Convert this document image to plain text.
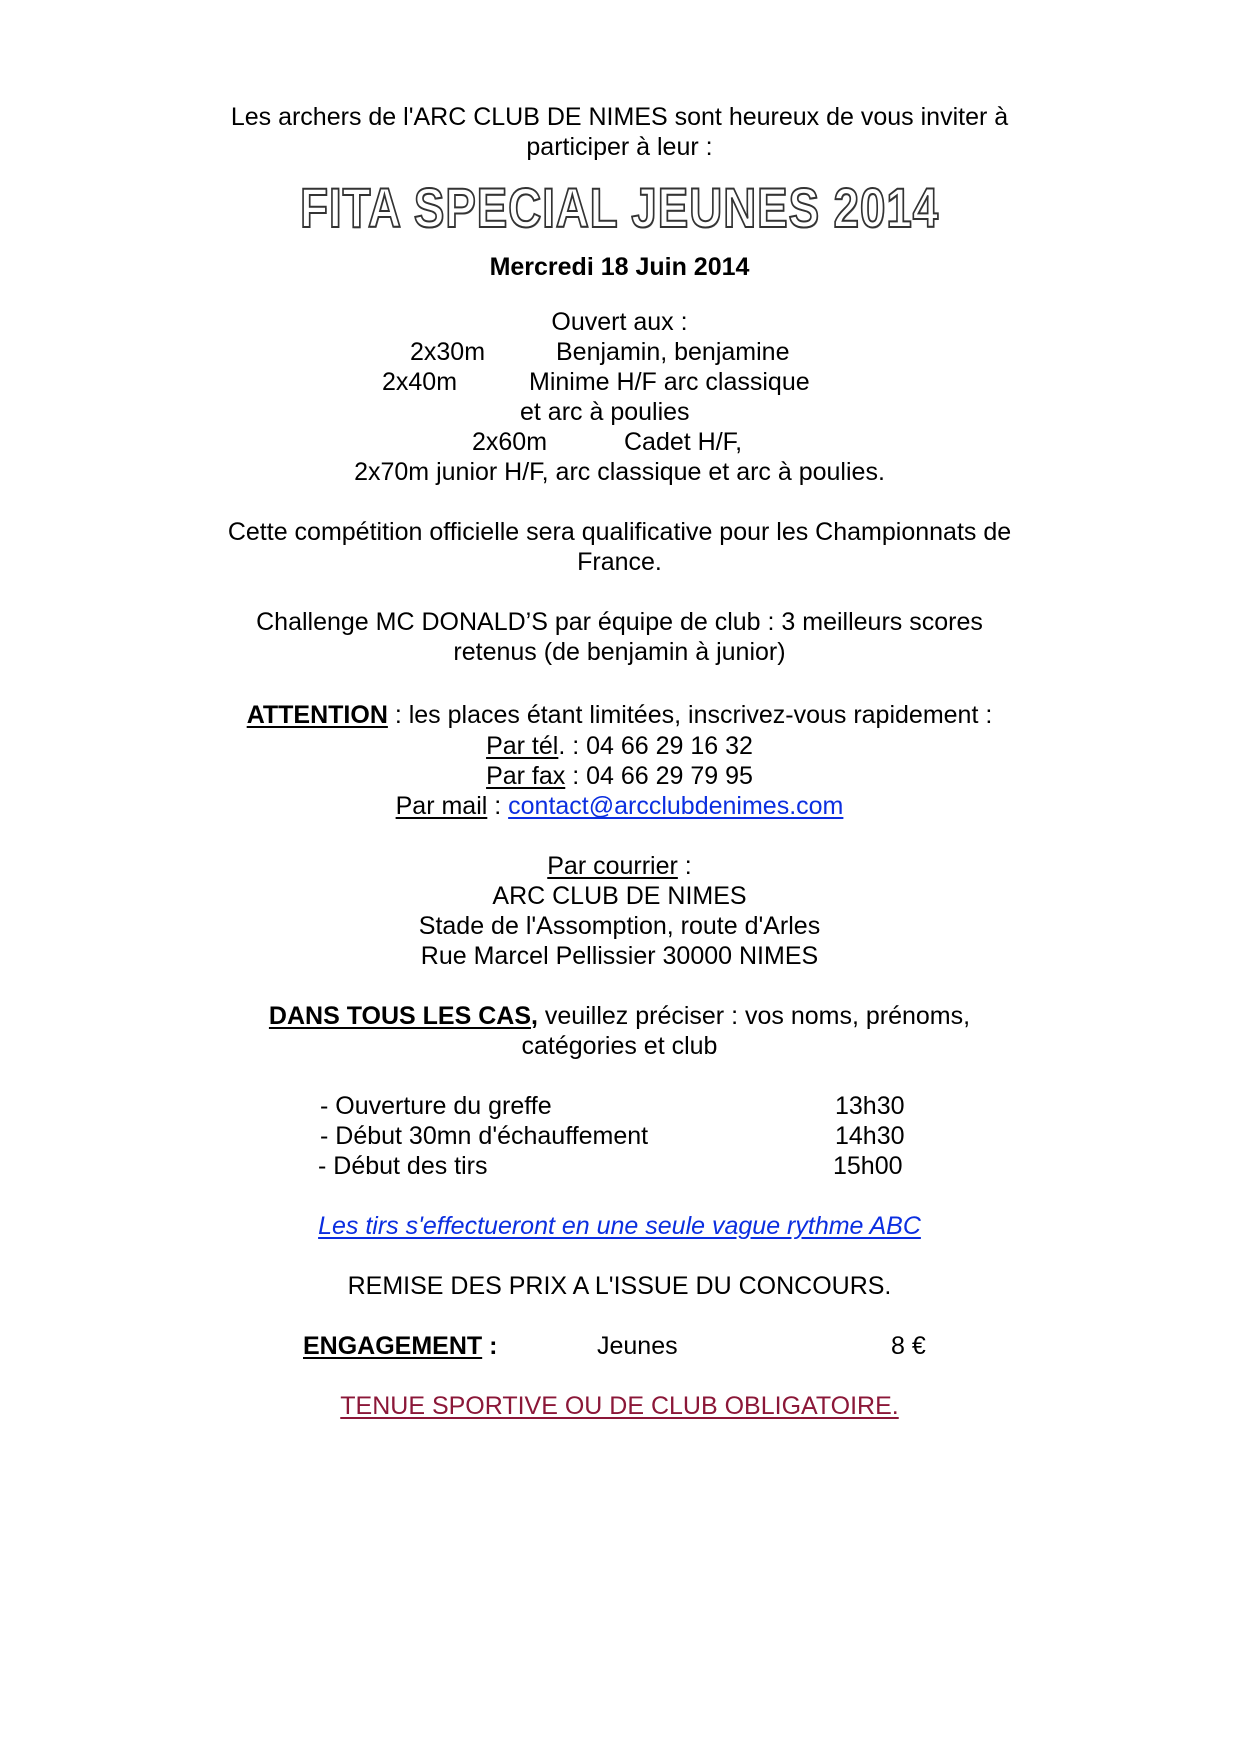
Les archers de l'ARC CLUB DE NIMES sont heureux de vous inviter à
participer à leur :
FITA SPECIAL JEUNES 2014
Mercredi 18 Juin 2014
Ouvert aux :
2x30m	Benjamin, benjamine
2x40m	Minime H/F arc classique
et arc à poulies
2x60m	Cadet H/F,
2x70m junior H/F, arc classique et arc à poulies.
Cette compétition officielle sera qualificative pour les Championnats de
France.
Challenge MC DONALD’S par équipe de club : 3 meilleurs scores
retenus (de benjamin à junior)
ATTENTION : les places étant limitées, inscrivez-vous rapidement :
Par tél. : 04 66 29 16 32
Par fax : 04 66 29 79 95
Par mail : contact@arcclubdenimes.com
Par courrier :
ARC CLUB DE NIMES
Stade de l'Assomption, route d'Arles
Rue Marcel Pellissier 30000 NIMES
DANS TOUS LES CAS, veuillez préciser : vos noms, prénoms,
catégories et club
- Ouverture du greffe	13h30
- Début 30mn d'échauffement	14h30
- Début des tirs	15h00
Les tirs s'effectueront en une seule vague rythme ABC
REMISE DES PRIX A L'ISSUE DU CONCOURS.
ENGAGEMENT :	Jeunes	8 €
TENUE SPORTIVE OU DE CLUB OBLIGATOIRE.
